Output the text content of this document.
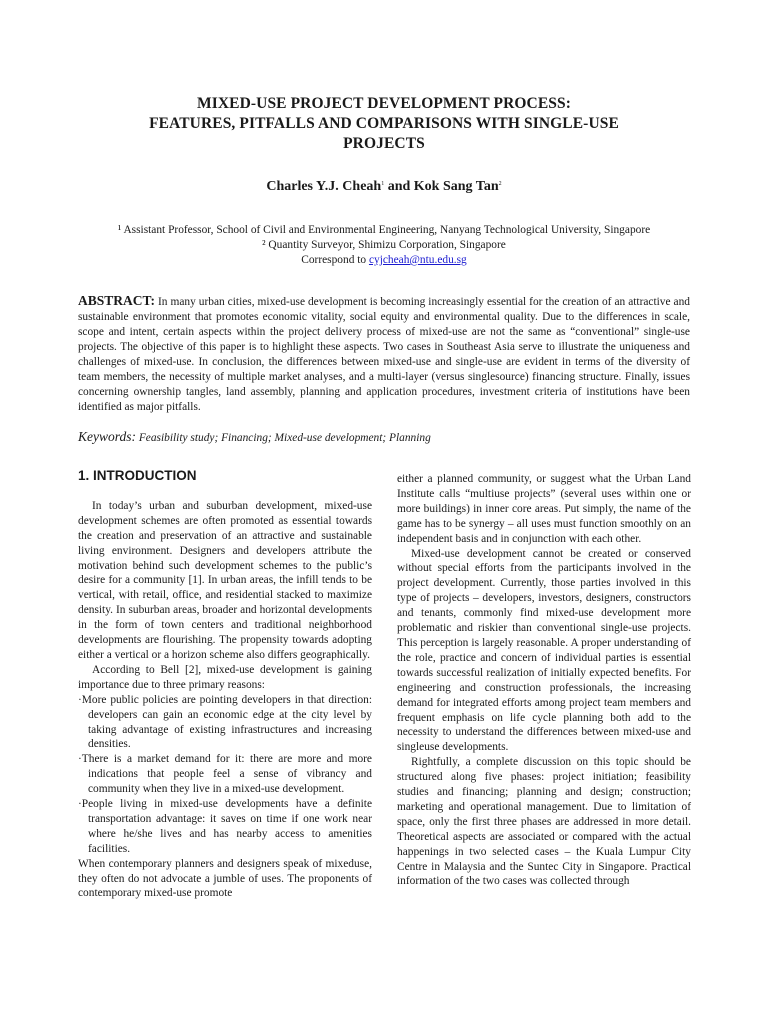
MIXED-USE PROJECT DEVELOPMENT PROCESS:
FEATURES, PITFALLS AND COMPARISONS WITH SINGLE-USE
PROJECTS
Charles Y.J. Cheah$^1$ and Kok Sang Tan$^2$
¹ Assistant Professor, School of Civil and Environmental Engineering, Nanyang Technological University, Singapore
² Quantity Surveyor, Shimizu Corporation, Singapore
Correspond to cyjcheah@ntu.edu.sg
ABSTRACT: In many urban cities, mixed-use development is becoming increasingly essential for the creation of an attractive and sustainable environment that promotes economic vitality, social equity and environmental quality. Due to the differences in scale, scope and intent, certain aspects within the project delivery process of mixed-use are not the same as “conventional” single-use projects. The objective of this paper is to highlight these aspects. Two cases in Southeast Asia serve to illustrate the uniqueness and challenges of mixed-use. In conclusion, the differences between mixed-use and single-use are evident in terms of the diversity of team members, the necessity of multiple market analyses, and a multi-layer (versus singlesource) financing structure. Finally, issues concerning ownership tangles, land assembly, planning and application procedures, investment criteria of institutions have been identified as major pitfalls.
Keywords: Feasibility study; Financing; Mixed-use development; Planning
1. INTRODUCTION

In today’s urban and suburban development, mixed-use development schemes are often promoted as essential towards the creation and preservation of an attractive and sustainable living environment. Designers and developers attribute the motivation behind such development schemes to the public’s desire for a community [1]. In urban areas, the infill tends to be vertical, with retail, office, and residential stacked to maximize density. In suburban areas, broader and horizontal developments in the form of town centers and traditional neighborhood developments are flourishing. The propensity towards adopting either a vertical or a horizon scheme also differs geographically.

According to Bell [2], mixed-use development is gaining importance due to three primary reasons:

·More public policies are pointing developers in that direction: developers can gain an economic edge at the city level by taking advantage of existing infrastructures and increasing densities.

·There is a market demand for it: there are more and more indications that people feel a sense of vibrancy and community when they live in a mixed-use development.

·People living in mixed-use developments have a definite transportation advantage: it saves on time if one work near where he/she lives and has nearby access to amenities facilities.

When contemporary planners and designers speak of mixeduse, they often do not advocate a jumble of uses. The proponents of contemporary mixed-use promote

either a planned community, or suggest what the Urban Land Institute calls “multiuse projects” (several uses within one or more buildings) in inner core areas. Put simply, the name of the game has to be synergy – all uses must function smoothly on an independent basis and in conjunction with each other.

Mixed-use development cannot be created or conserved without special efforts from the participants involved in the project development. Currently, those parties involved in this type of projects – developers, investors, designers, constructors and tenants, commonly find mixed-use development more problematic and riskier than conventional single-use projects. This perception is largely reasonable. A proper understanding of the role, practice and concern of individual parties is essential towards successful realization of initially expected benefits. For engineering and construction professionals, the increasing demand for integrated efforts among project team members and frequent emphasis on life cycle planning both add to the necessity to understand the differences between mixed-use and singleuse developments.

Rightfully, a complete discussion on this topic should be structured along five phases: project initiation; feasibility studies and financing; planning and design; construction; marketing and operational management. Due to limitation of space, only the first three phases are addressed in more detail. Theoretical aspects are associated or compared with the actual happenings in two selected cases – the Kuala Lumpur City Centre in Malaysia and the Suntec City in Singapore. Practical information of the two cases was collected through
